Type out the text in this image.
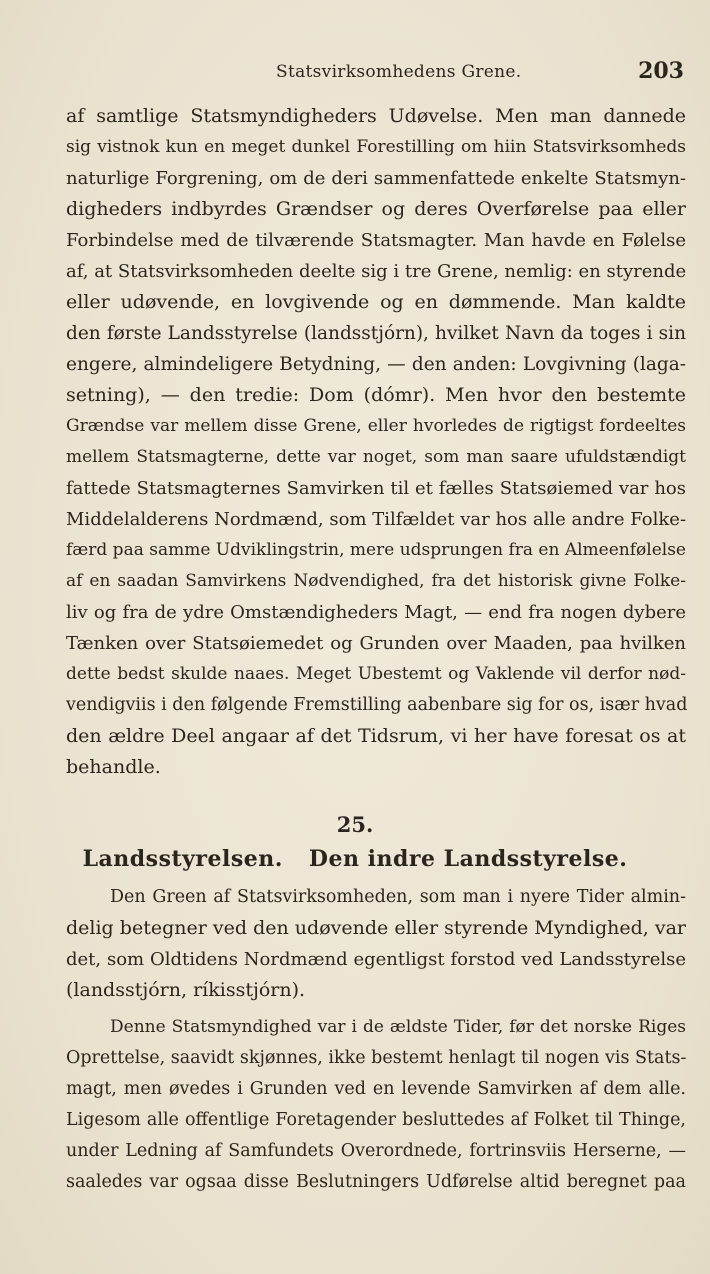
Statsvirksomhedens Grene.	203
af samtlige Statsmyndigheders Udøvelse. Men man dannede
sig vistnok kun en meget dunkel Forestilling om hiin Statsvirksomheds
naturlige Forgrening, om de deri sammenfattede enkelte Statsmyn-
digheders indbyrdes Grændser og deres Overførelse paa eller
Forbindelse med de tilværende Statsmagter. Man havde en Følelse
af, at Statsvirksomheden deelte sig i tre Grene, nemlig: en styrende
eller udøvende, en lovgivende og en dømmende. Man kaldte
den første Landsstyrelse (landsstjórn), hvilket Navn da toges i sin
engere, almindeligere Betydning, — den anden: Lovgivning (laga-
setning), — den tredie: Dom (dómr). Men hvor den bestemte
Grændse var mellem disse Grene, eller hvorledes de rigtigst fordeeltes
mellem Statsmagterne, dette var noget, som man saare ufuldstændigt
fattede Statsmagternes Samvirken til et fælles Statsøiemed var hos
Middelalderens Nordmænd, som Tilfældet var hos alle andre Folke-
færd paa samme Udviklingstrin, mere udsprungen fra en Almeenfølelse
af en saadan Samvirkens Nødvendighed, fra det historisk givne Folke-
liv og fra de ydre Omstændigheders Magt, — end fra nogen dybere
Tænken over Statsøiemedet og Grunden over Maaden, paa hvilken
dette bedst skulde naaes. Meget Ubestemt og Vaklende vil derfor nød-
vendigviis i den følgende Fremstilling aabenbare sig for os, især hvad
den ældre Deel angaar af det Tidsrum, vi her have foresat os at
behandle.
25.
Landsstyrelsen. Den indre Landsstyrelse.
Den Green af Statsvirksomheden, som man i nyere Tider almin-
delig betegner ved den udøvende eller styrende Myndighed, var
det, som Oldtidens Nordmænd egentligst forstod ved Landsstyrelse
(landsstjórn, ríkisstjórn).
Denne Statsmyndighed var i de ældste Tider, før det norske Riges
Oprettelse, saavidt skjønnes, ikke bestemt henlagt til nogen vis Stats-
magt, men øvedes i Grunden ved en levende Samvirken af dem alle.
Ligesom alle offentlige Foretagender besluttedes af Folket til Thinge,
under Ledning af Samfundets Overordnede, fortrinsviis Herserne, —
saaledes var ogsaa disse Beslutningers Udførelse altid beregnet paa
